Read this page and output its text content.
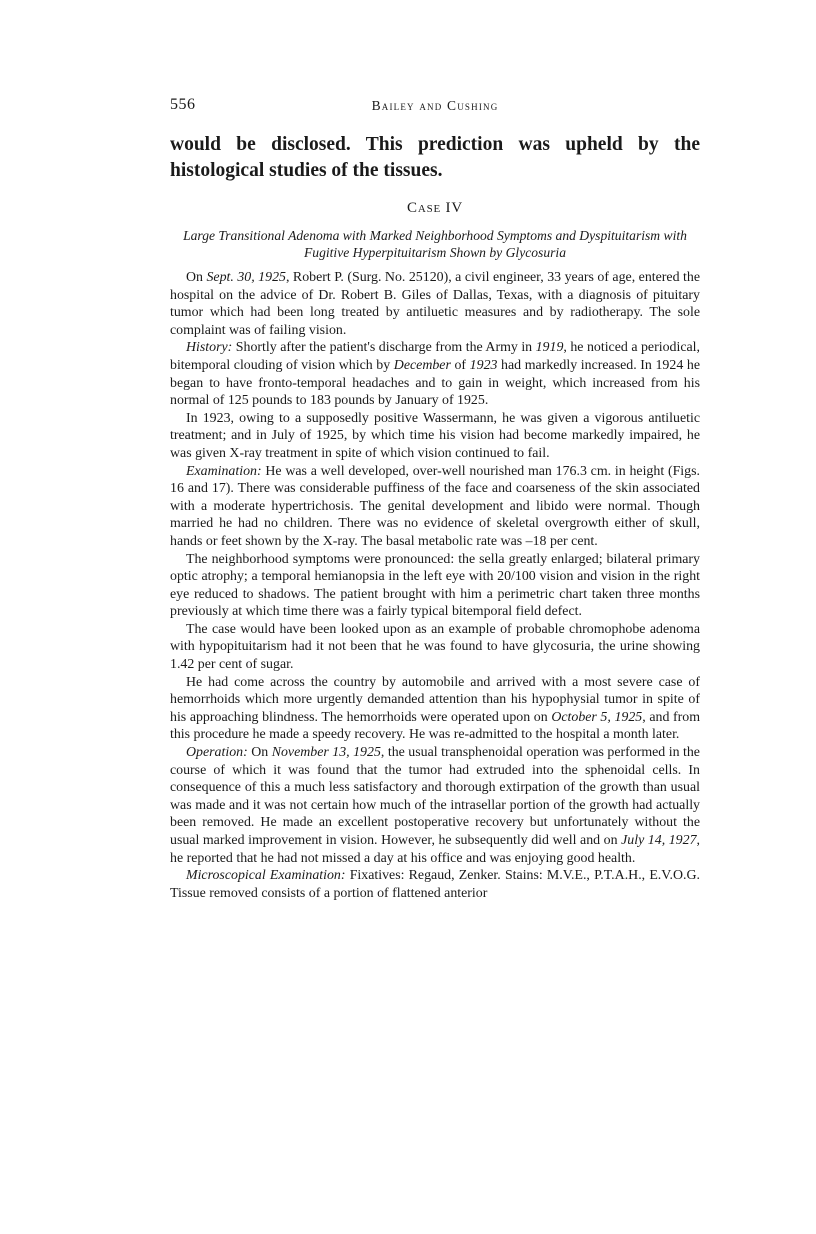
556	Bailey and Cushing

would be disclosed. This prediction was upheld by the histological studies of the tissues.

Case IV

Large Transitional Adenoma with Marked Neighborhood Symptoms and Dyspituitarism with Fugitive Hyperpituitarism Shown by Glycosuria

On Sept. 30, 1925, Robert P. (Surg. No. 25120), a civil engineer, 33 years of age, entered the hospital on the advice of Dr. Robert B. Giles of Dallas, Texas, with a diagnosis of pituitary tumor which had been long treated by antiluetic measures and by radiotherapy. The sole complaint was of failing vision.

History: Shortly after the patient's discharge from the Army in 1919, he noticed a periodical, bitemporal clouding of vision which by December of 1923 had markedly increased. In 1924 he began to have fronto-temporal headaches and to gain in weight, which increased from his normal of 125 pounds to 183 pounds by January of 1925.

In 1923, owing to a supposedly positive Wassermann, he was given a vigorous antiluetic treatment; and in July of 1925, by which time his vision had become markedly impaired, he was given X-ray treatment in spite of which vision continued to fail.

Examination: He was a well developed, over-well nourished man 176.3 cm. in height (Figs. 16 and 17). There was considerable puffiness of the face and coarseness of the skin associated with a moderate hypertrichosis. The genital development and libido were normal. Though married he had no children. There was no evidence of skeletal overgrowth either of skull, hands or feet shown by the X-ray. The basal metabolic rate was –18 per cent.

The neighborhood symptoms were pronounced: the sella greatly enlarged; bilateral primary optic atrophy; a temporal hemianopsia in the left eye with 20/100 vision and vision in the right eye reduced to shadows. The patient brought with him a perimetric chart taken three months previously at which time there was a fairly typical bitemporal field defect.

The case would have been looked upon as an example of probable chromophobe adenoma with hypopituitarism had it not been that he was found to have glycosuria, the urine showing 1.42 per cent of sugar.

He had come across the country by automobile and arrived with a most severe case of hemorrhoids which more urgently demanded attention than his hypophysial tumor in spite of his approaching blindness. The hemorrhoids were operated upon on October 5, 1925, and from this procedure he made a speedy recovery. He was re-admitted to the hospital a month later.

Operation: On November 13, 1925, the usual transphenoidal operation was performed in the course of which it was found that the tumor had extruded into the sphenoidal cells. In consequence of this a much less satisfactory and thorough extirpation of the growth than usual was made and it was not certain how much of the intrasellar portion of the growth had actually been removed. He made an excellent postoperative recovery but unfortunately without the usual marked improvement in vision. However, he subsequently did well and on July 14, 1927, he reported that he had not missed a day at his office and was enjoying good health.

Microscopical Examination: Fixatives: Regaud, Zenker. Stains: M.V.E., P.T.A.H., E.V.O.G. Tissue removed consists of a portion of flattened anterior
